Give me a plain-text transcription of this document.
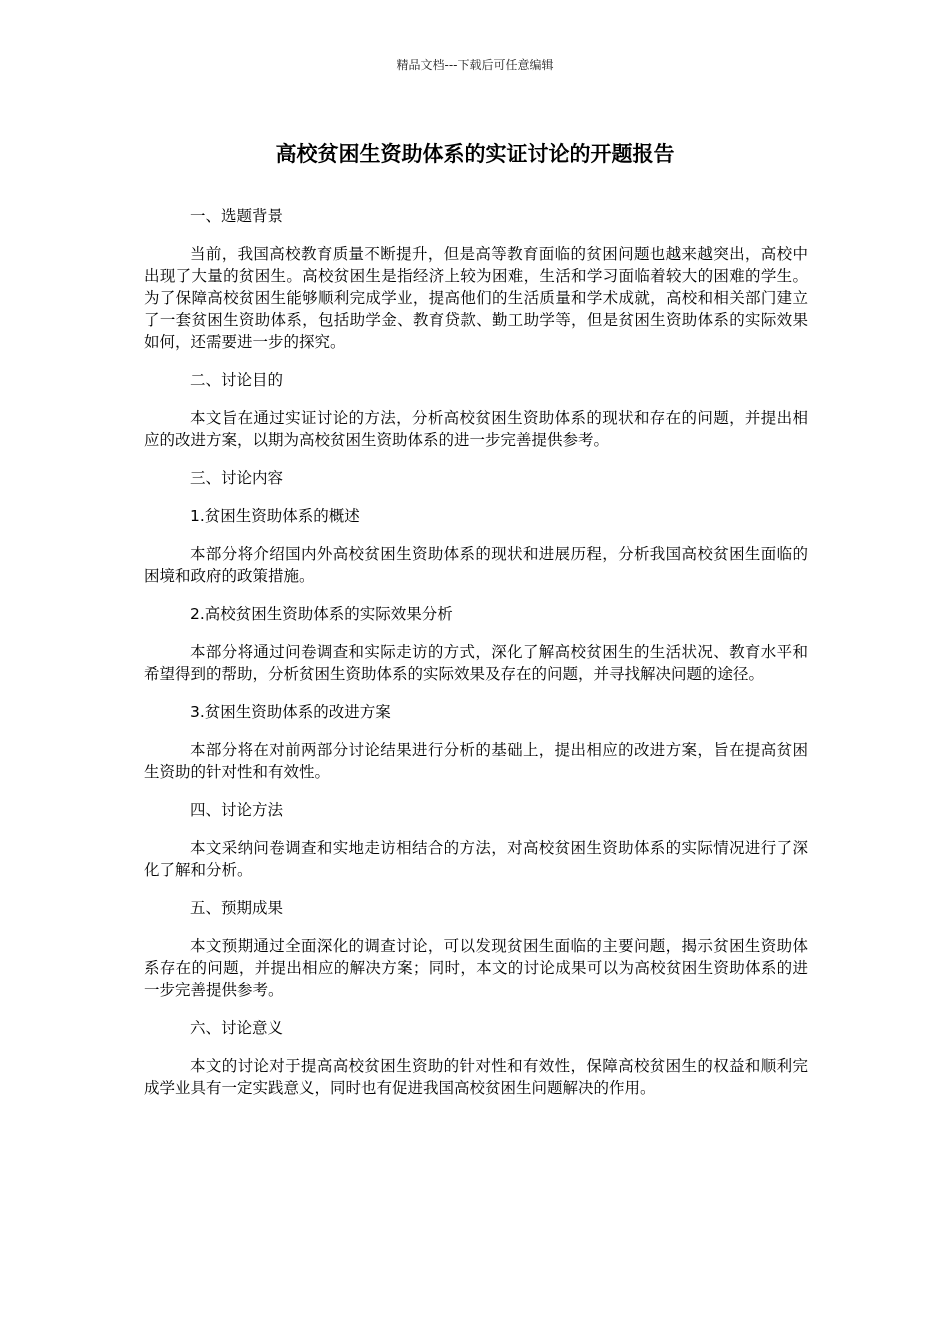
精品文档---下载后可任意编辑
高校贫困生资助体系的实证讨论的开题报告

一、选题背景

当前，我国高校教育质量不断提升，但是高等教育面临的贫困问题也越来越突出，高校中出现了大量的贫困生。高校贫困生是指经济上较为困难，生活和学习面临着较大的困难的学生。为了保障高校贫困生能够顺利完成学业，提高他们的生活质量和学术成就，高校和相关部门建立了一套贫困生资助体系，包括助学金、教育贷款、勤工助学等，但是贫困生资助体系的实际效果如何，还需要进一步的探究。

二、讨论目的

本文旨在通过实证讨论的方法，分析高校贫困生资助体系的现状和存在的问题，并提出相应的改进方案，以期为高校贫困生资助体系的进一步完善提供参考。

三、讨论内容

1.贫困生资助体系的概述

本部分将介绍国内外高校贫困生资助体系的现状和进展历程，分析我国高校贫困生面临的困境和政府的政策措施。

2.高校贫困生资助体系的实际效果分析

本部分将通过问卷调查和实际走访的方式，深化了解高校贫困生的生活状况、教育水平和希望得到的帮助，分析贫困生资助体系的实际效果及存在的问题，并寻找解决问题的途径。

3.贫困生资助体系的改进方案

本部分将在对前两部分讨论结果进行分析的基础上，提出相应的改进方案，旨在提高贫困生资助的针对性和有效性。

四、讨论方法

本文采纳问卷调查和实地走访相结合的方法，对高校贫困生资助体系的实际情况进行了深化了解和分析。

五、预期成果

本文预期通过全面深化的调查讨论，可以发现贫困生面临的主要问题，揭示贫困生资助体系存在的问题，并提出相应的解决方案；同时，本文的讨论成果可以为高校贫困生资助体系的进一步完善提供参考。

六、讨论意义

本文的讨论对于提高高校贫困生资助的针对性和有效性，保障高校贫困生的权益和顺利完成学业具有一定实践意义，同时也有促进我国高校贫困生问题解决的作用。
